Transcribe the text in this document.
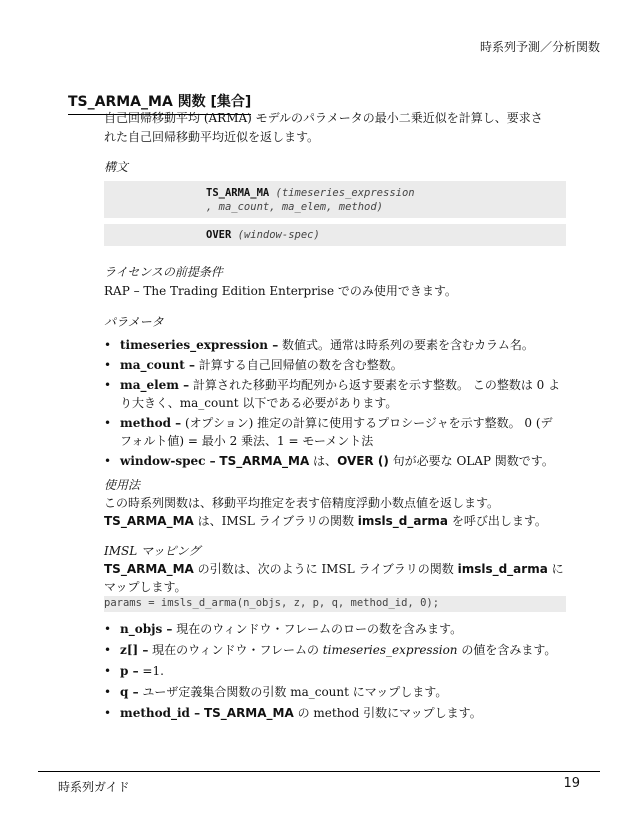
時系列予測／分析関数
TS_ARMA_MA 関数 [集合]
自己回帰移動平均 (ARMA) モデルのパラメータの最小二乗近似を計算し、要求さ
れた自己回帰移動平均近似を返します。
構文
TS_ARMA_MA (timeseries_expression
, ma_count, ma_elem, method)
OVER (window-spec)
ライセンスの前提条件
RAP – The Trading Edition Enterprise でのみ使用できます。
パラメータ
• timeseries_expression – 数値式。通常は時系列の要素を含むカラム名。
• ma_count – 計算する自己回帰値の数を含む整数。
• ma_elem – 計算された移動平均配列から返す要素を示す整数。 この整数は 0 よ
り大きく、ma_count 以下である必要があります。
• method – (オプション) 推定の計算に使用するプロシージャを示す整数。 0 (デ
フォルト値) = 最小 2 乗法、1 = モーメント法
• window-spec – TS_ARMA_MA は、OVER () 句が必要な OLAP 関数です。
使用法
この時系列関数は、移動平均推定を表す倍精度浮動小数点値を返します。
TS_ARMA_MA は、IMSL ライブラリの関数 imsls_d_arma を呼び出します。
IMSL マッピング
TS_ARMA_MA の引数は、次のように IMSL ライブラリの関数 imsls_d_arma に
マップします。
params = imsls_d_arma(n_objs, z, p, q, method_id, 0);
• n_objs – 現在のウィンドウ・フレームのローの数を含みます。
• z[] – 現在のウィンドウ・フレームの timeseries_expression の値を含みます。
• p – =1.
• q – ユーザ定義集合関数の引数 ma_count にマップします。
• method_id – TS_ARMA_MA の method 引数にマップします。
時系列ガイド	19
